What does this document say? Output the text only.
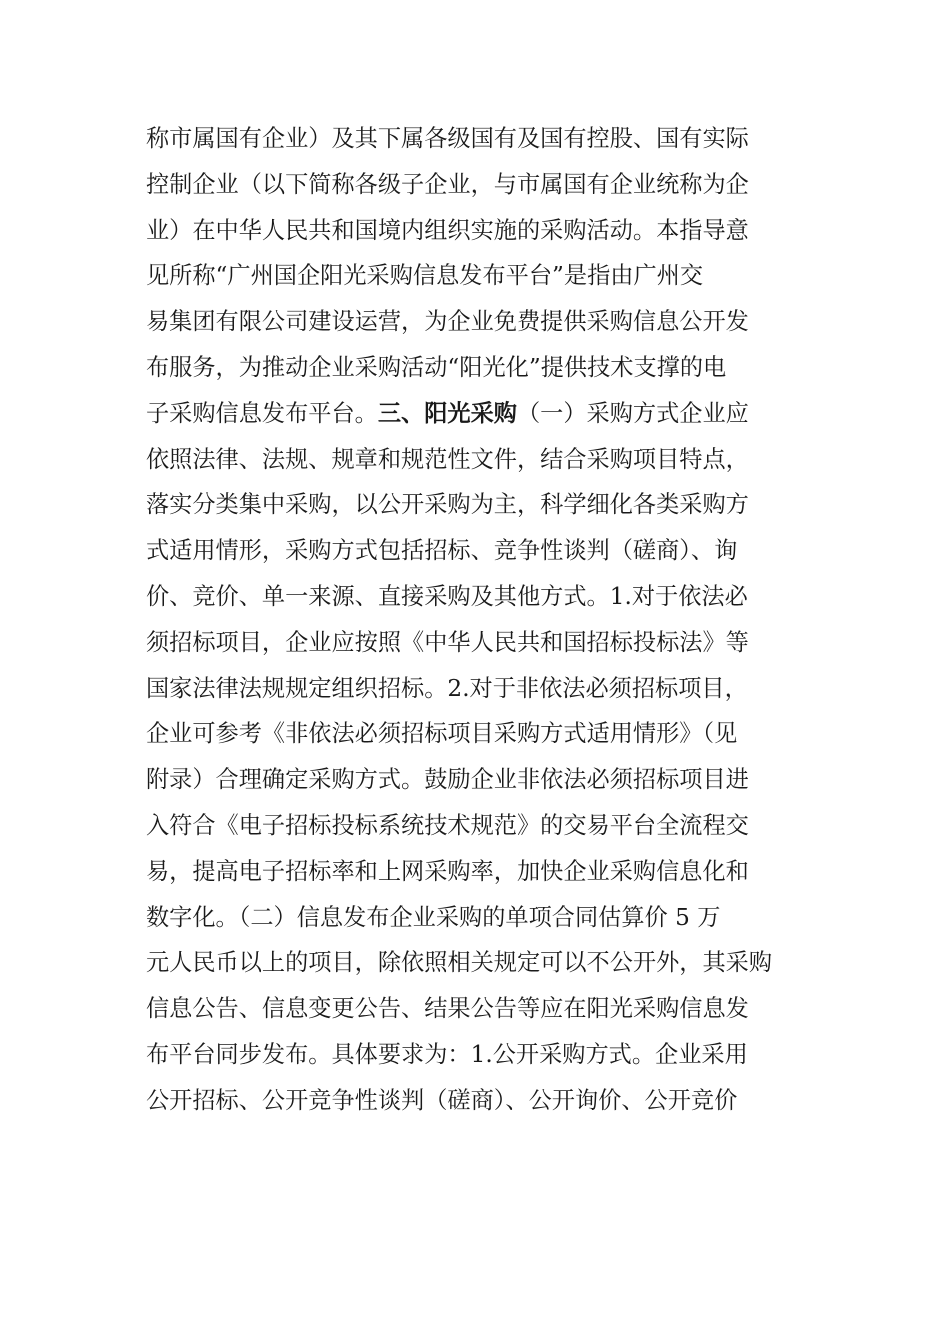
称市属国有企业）及其下属各级国有及国有控股、国有实际
控制企业（以下简称各级子企业，与市属国有企业统称为企
业）在中华人民共和国境内组织实施的采购活动。本指导意
见所称“广州国企阳光采购信息发布平台”是指由广州交
易集团有限公司建设运营，为企业免费提供采购信息公开发
布服务，为推动企业采购活动“阳光化”提供技术支撑的电
子采购信息发布平台。三、阳光采购（一）采购方式企业应
依照法律、法规、规章和规范性文件，结合采购项目特点，
落实分类集中采购，以公开采购为主，科学细化各类采购方
式适用情形，采购方式包括招标、竞争性谈判（磋商）、询
价、竞价、单一来源、直接采购及其他方式。1.对于依法必
须招标项目，企业应按照《中华人民共和国招标投标法》等
国家法律法规规定组织招标。2.对于非依法必须招标项目，
企业可参考《非依法必须招标项目采购方式适用情形》（见
附录）合理确定采购方式。鼓励企业非依法必须招标项目进
入符合《电子招标投标系统技术规范》的交易平台全流程交
易，提高电子招标率和上网采购率，加快企业采购信息化和
数字化。（二）信息发布企业采购的单项合同估算价 5 万
元人民币以上的项目，除依照相关规定可以不公开外，其采购
信息公告、信息变更公告、结果公告等应在阳光采购信息发
布平台同步发布。具体要求为：1.公开采购方式。企业采用
公开招标、公开竞争性谈判（磋商）、公开询价、公开竞价
